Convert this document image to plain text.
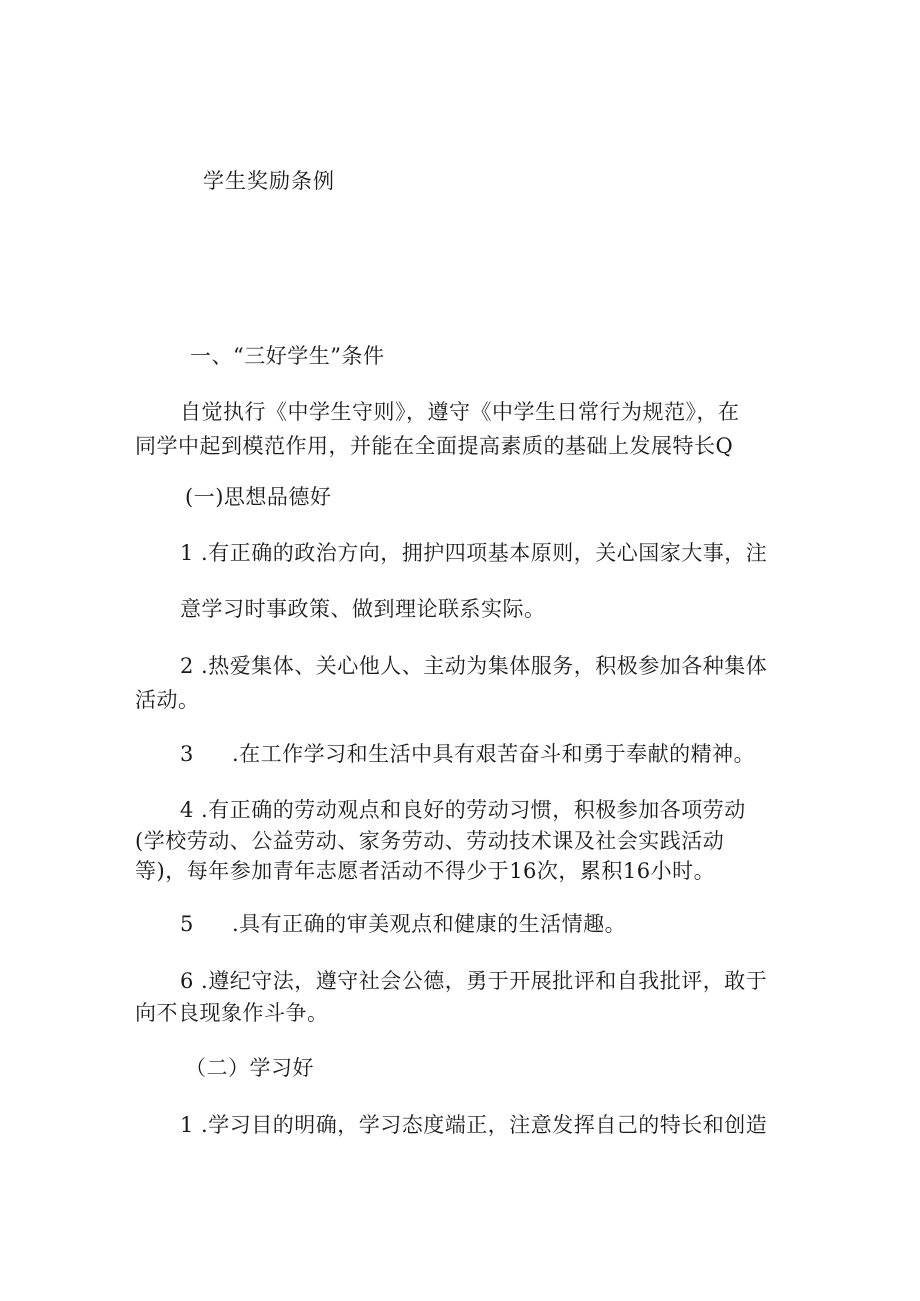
学生奖励条例
一、“三好学生”条件
自觉执行《中学生守则》，遵守《中学生日常行为规范》，在
同学中起到模范作用，并能在全面提高素质的基础上发展特长Q
(一)思想品德好
1 .有正确的政治方向，拥护四项基本原则，关心国家大事，注
意学习时事政策、做到理论联系实际。
2 .热爱集体、关心他人、主动为集体服务，积极参加各种集体
活动。
3 .在工作学习和生活中具有艰苦奋斗和勇于奉献的精神。
4 .有正确的劳动观点和良好的劳动习惯，积极参加各项劳动
(学校劳动、公益劳动、家务劳动、劳动技术课及社会实践活动
等)，每年参加青年志愿者活动不得少于16次，累积16小时。
5 .具有正确的审美观点和健康的生活情趣。
6 .遵纪守法，遵守社会公德，勇于开展批评和自我批评，敢于
向不良现象作斗争。
（二）学习好
1 .学习目的明确，学习态度端正，注意发挥自己的特长和创造
